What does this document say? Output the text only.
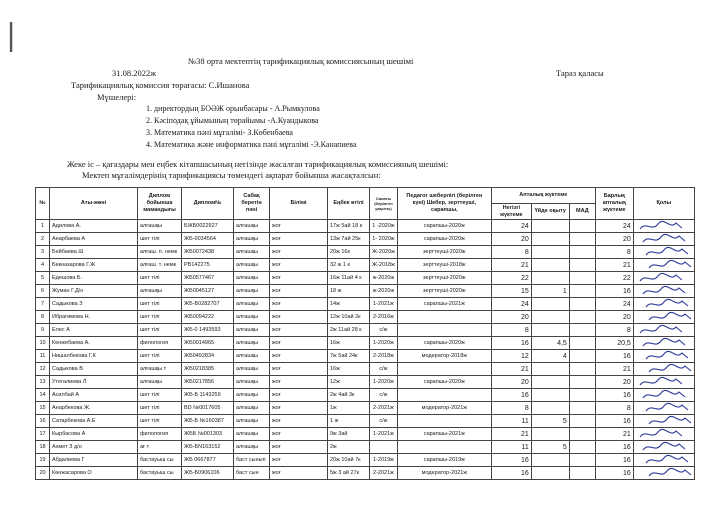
|
№38 орта мектептің тарификациялық комиссиясының шешімі
31.08.2022ж	Тараз қаласы
Тарификациялық комиссия төрағасы: С.Ишанова
Мүшелері:
1. директордың БОӘЖ орынбасары - А.Рымкулова
2. Кәсіподақ ұйымының төрайымы -А.Куандыкова
3. Математика пәні мұғалімі- З.Көбенбаева
4. Математика және информатика пәні мұғалімі -Э.Канапиева
Жеке іс – қағаздары мен еңбек кітапшасының негізінде жасалған тарификациялық комиссияның шешімі:
Мектеп мұғалімдерінің тарификациясы төмендегі ақпарат бойынша жасақталсын:
№	Аты-жөні	Диплом бойынша мамандығы	Диплом№	Сабақ беретін пәні	Білімі	Еңбек өтілі	Санаты (берілген уақыты)	Педагог шеберлігі (берілген күні) Шебер, зерттеуші, сарапшы,	Апталық жүктеме			Барлық апталық жүктеме	Қолы
									Негізгі жүктеме	Үйде оқыту	МАД		
1	Адилова А.	алғашқы	БЖБ0022927	алғашқы	жоғ	17ж 5ай 18 к	1 -2020ж	сарапшы-2020ж	24			24	

2	Анарбаева А	шет тілі	ЖБ-0034564	алғашқы	жоғ	13ж 7ай 25к	1- 2020ж	сарапшы-2020ж	20			20	

3	Бейбаева Ш	алғаш. п. немк	ЖБ0072438	алғашқы	жоғ	20ж 16к	Ж-2020ж	зерттеуші-2020ж	8			8	

4	Бекназарова Г.Ж	алғаш. т. немк	РВ142275	алғашқы	жоғ	32 ж 1 к	Ж-2018ж	зерттеуші-2018ж	21			21	

5	Едешова Б.	шет тілі	ЖБ0577467	алғашқы	жоғ	16ж 11ай 4 к	ж-2020ж	зерттеуші-2020ж	22			22	

6	Жуман Г.Д/о	алғашқы	ЖБ0045127	алғашқы	жоғ	18 ж	ж-2020ж	зерттеуші-2020ж	15	1		16	

7	Садыкова З	шет тілі	ЖБ-Б0282707	алғашқы	жоғ	14ж	1-2021ж	сарапшы-2021ж	24			24	

8	Ибрагимова Н.	шет тілі	ЖБ0094222	алғашқы	жоғ	12ж 10ай 2к	2-2016ж		20			20	

9	Елес А	шет тілі	ЖБ-0 1493593	алғашқы	жоғ	2ж 11ай 28 к	с/ж		8			8	

10	Кенжебаева А.	филология	ЖБ0014965	алғашқы	жоғ	16ж	1-2020ж	сарапшы-2020ж	16	4,5		20,5	

11	Нишалбекова Г.К	шет тілі	ЖБ0492834	алғашқы	жоғ	7ж 5ай 24к	2-2018ж	модератор-2018ж	12	4		16	

12	Садыкова В	алғашқы т	ЖБ0218385	алғашқы	жоғ	16ж	с/ж		21			21	

13	Утегалиева Л	алғашқы	ЖБ0217856	алғашқы	жоғ	12ж	1-2020ж	сарапшы-2020ж	20			20	

14	Асилбай А	шет тілі	ЖБ-Б 1143259	алғашқы	жоғ	2ж 4ай 3к	с/ж		16			16	

15	Анарбекова Ж.	шет тілі	ВD №0017605	алғашқы	жоғ	1ж	2-2021ж	модератор-2021ж	8			8	

16	Сатарбекова А.Е	шет тілі	ЖБ-Б №160387	алғашқы	жоғ	1 ж	с/ж		11	5		16	

17	Кырбасова А	филология	ЖББ №001303	алғашқы	жоғ	9ж 3ай	1-2021ж	сарапшы-2021ж	21			21	

18	Ахмет З д/о	ағ т	ЖБ-БN163152	алғашқы	жоғ	2ж			11	5		16	

19	Абдалиева Г	бастауыш сы	ЖБ 0667877	баст сынып	жоғ	20ж 10ай 7к	1-2019ж	сарапшы-2019ж	16			16	

20	Көнжасарова О	бастауыш сы	ЖБ-Б0906106	баст сын	жоғ	5ж 3 ай 27к	2-2021ж	модератор-2021ж	16			16	
